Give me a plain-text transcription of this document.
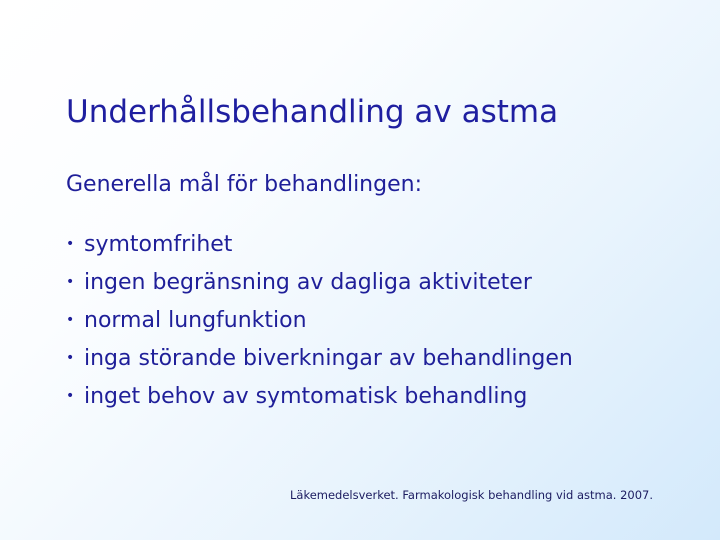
Underhållsbehandling av astma
Generella mål för behandlingen:
• symtomfrihet
• ingen begränsning av dagliga aktiviteter
• normal lungfunktion
• inga störande biverkningar av behandlingen
• inget behov av symtomatisk behandling
Läkemedelsverket. Farmakologisk behandling vid astma. 2007.
